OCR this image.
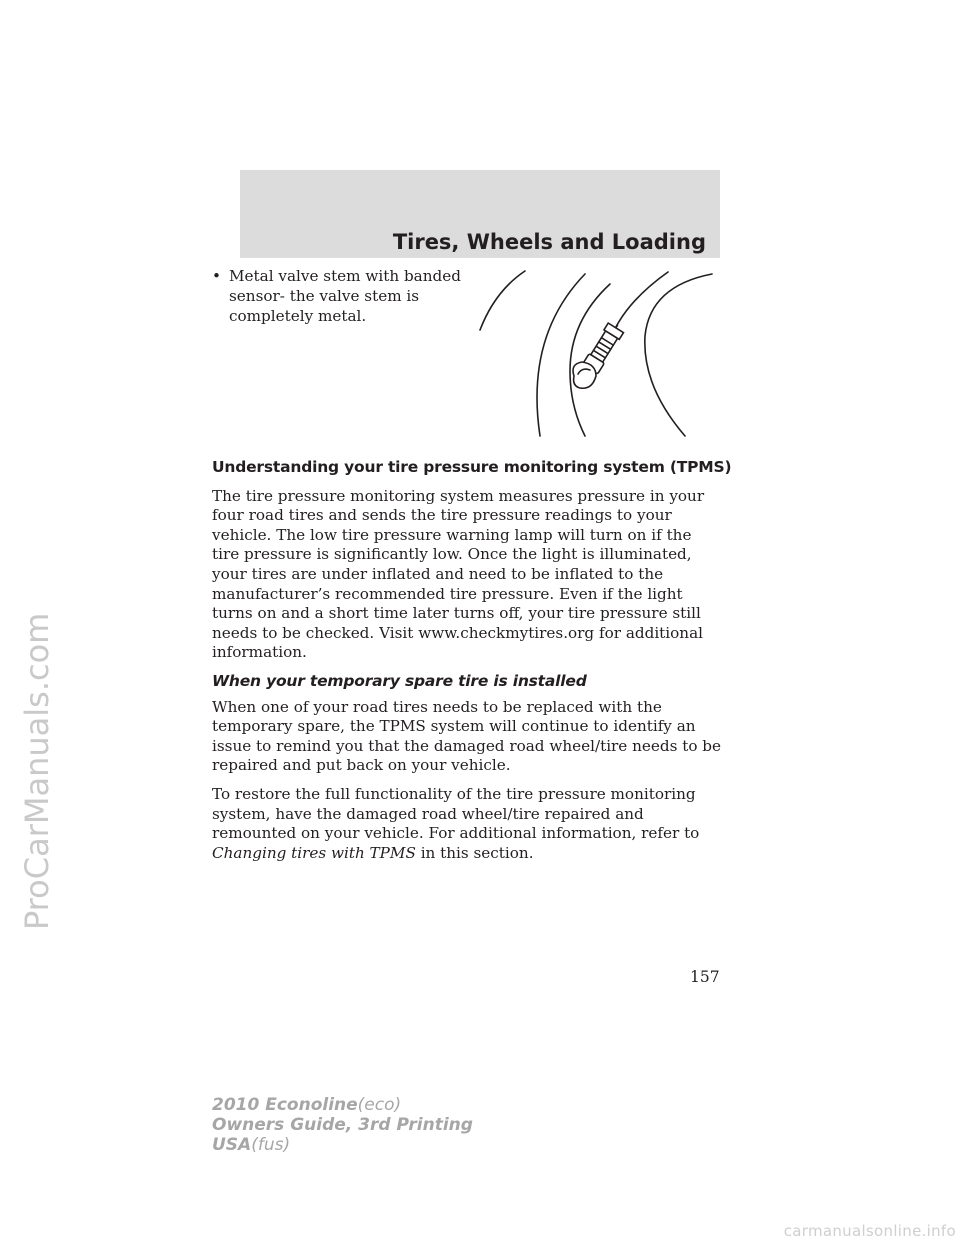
ProCarManuals.com
Tires, Wheels and Loading
• Metal valve stem with banded sensor- the valve stem is completely metal.
Understanding your tire pressure monitoring system (TPMS)

The tire pressure monitoring system measures pressure in your four road tires and sends the tire pressure readings to your vehicle. The low tire pressure warning lamp will turn on if the tire pressure is significantly low. Once the light is illuminated, your tires are under inflated and need to be inflated to the manufacturer’s recommended tire pressure. Even if the light turns on and a short time later turns off, your tire pressure still needs to be checked. Visit www.checkmytires.org for additional information.

When your temporary spare tire is installed

When one of your road tires needs to be replaced with the temporary spare, the TPMS system will continue to identify an issue to remind you that the damaged road wheel/tire needs to be repaired and put back on your vehicle.

To restore the full functionality of the tire pressure monitoring system, have the damaged road wheel/tire repaired and remounted on your vehicle. For additional information, refer to Changing tires with TPMS in this section.

157
2010 Econoline(eco)
Owners Guide, 3rd Printing
USA(fus)
carmanualsonline.info
